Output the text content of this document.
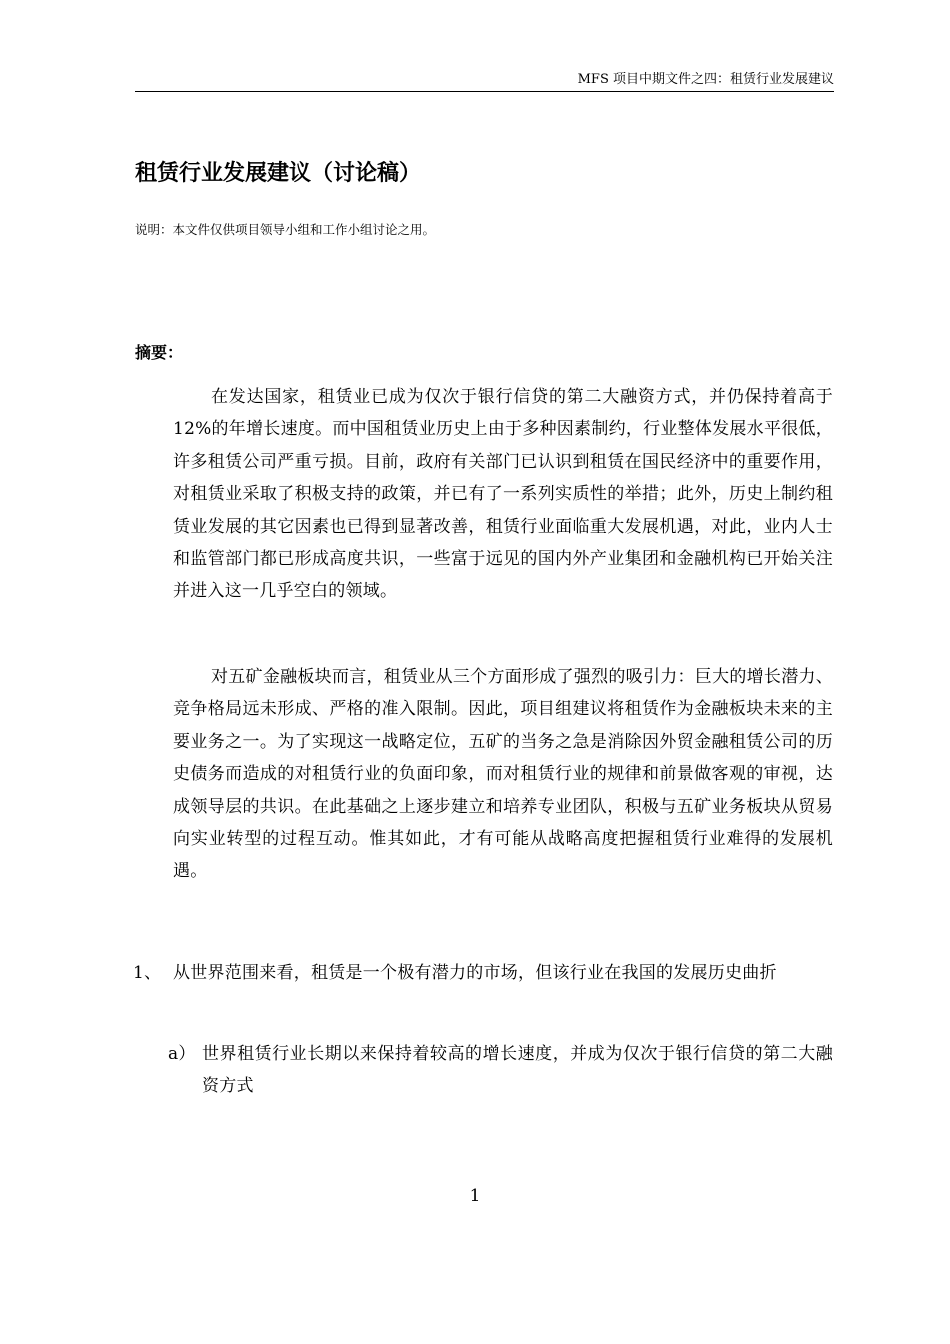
MFS 项目中期文件之四：租赁行业发展建议
租赁行业发展建议（讨论稿）
说明：本文件仅供项目领导小组和工作小组讨论之用。
摘要：

在发达国家，租赁业已成为仅次于银行信贷的第二大融资方式，并仍保持着高于 12%的年增长速度。而中国租赁业历史上由于多种因素制约，行业整体发展水平很低，许多租赁公司严重亏损。目前，政府有关部门已认识到租赁在国民经济中的重要作用，对租赁业采取了积极支持的政策，并已有了一系列实质性的举措；此外，历史上制约租赁业发展的其它因素也已得到显著改善，租赁行业面临重大发展机遇，对此，业内人士和监管部门都已形成高度共识，一些富于远见的国内外产业集团和金融机构已开始关注并进入这一几乎空白的领域。

对五矿金融板块而言，租赁业从三个方面形成了强烈的吸引力：巨大的增长潜力、竞争格局远未形成、严格的准入限制。因此，项目组建议将租赁作为金融板块未来的主要业务之一。为了实现这一战略定位，五矿的当务之急是消除因外贸金融租赁公司的历史债务而造成的对租赁行业的负面印象，而对租赁行业的规律和前景做客观的审视，达成领导层的共识。在此基础之上逐步建立和培养专业团队，积极与五矿业务板块从贸易向实业转型的过程互动。惟其如此，才有可能从战略高度把握租赁行业难得的发展机遇。

1、 从世界范围来看，租赁是一个极有潜力的市场，但该行业在我国的发展历史曲折
a） 世界租赁行业长期以来保持着较高的增长速度，并成为仅次于银行信贷的第二大融资方式
1
